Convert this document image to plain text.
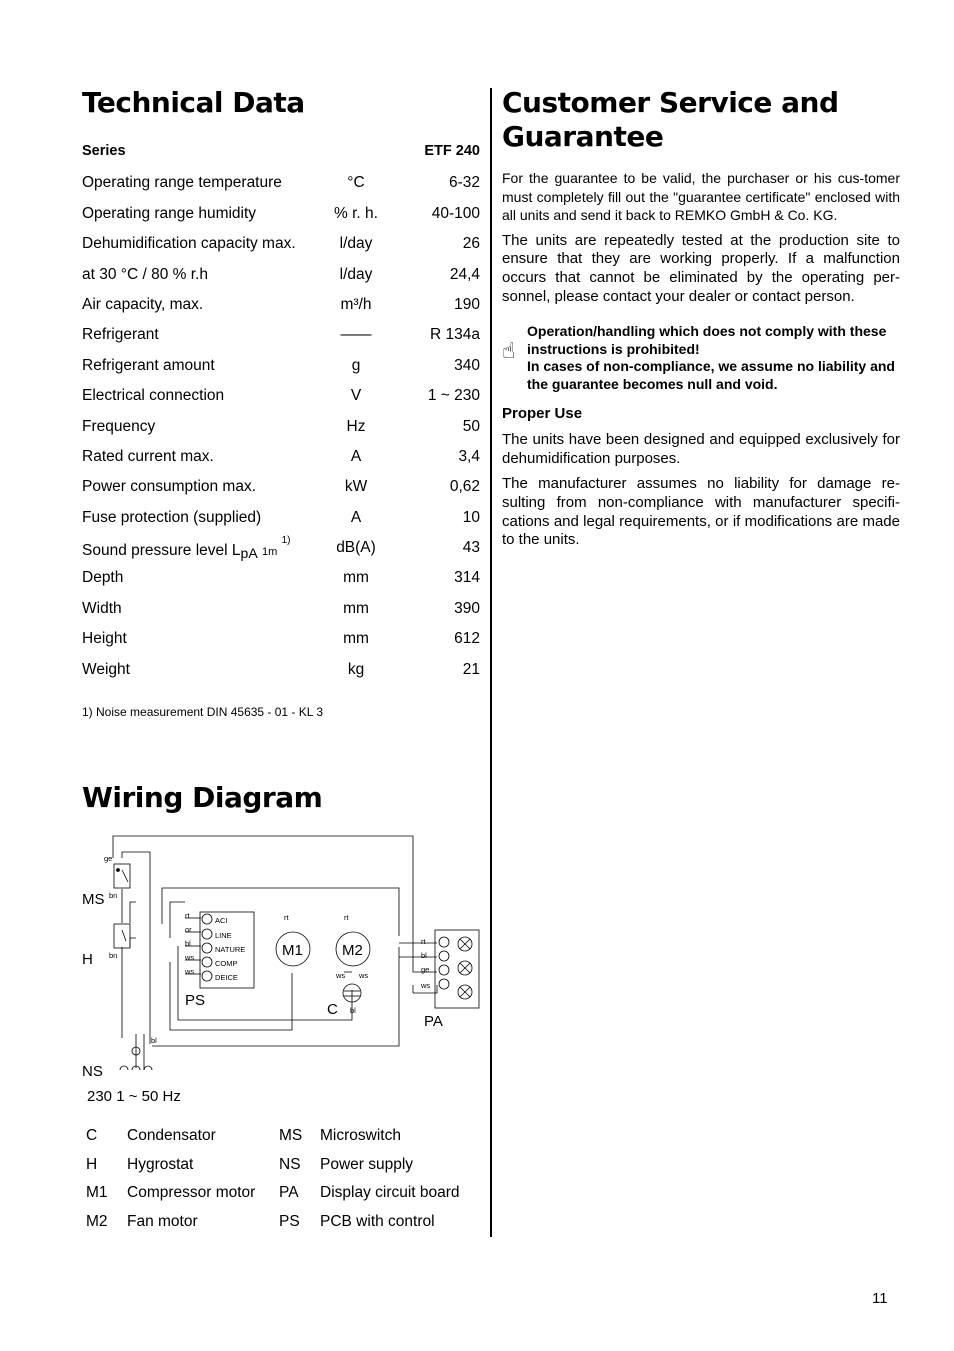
Technical Data
Series	ETF 240
Operating range temperature	°C	6-32
Operating range humidity	% r. h.	40-100
Dehumidification capacity max.	l/day	26
at 30 °C / 80 % r.h	l/day	24,4
Air capacity, max.	m³/h	190
Refrigerant	——	R 134a
Refrigerant amount	g	340
Electrical connection	V	1 ~ 230
Frequency	Hz	50
Rated current max.	A	3,4
Power consumption max.	kW	0,62
Fuse protection (supplied)	A	10
Sound pressure level LpA 1m $^{1)}$	dB(A)	43
Depth	mm	314
Width	mm	390
Height	mm	612
Weight	kg	21
1) Noise measurement DIN 45635 - 01 - KL 3
Wiring Diagram
ge
bn
bn
bl
rt
or
bl
ws
ws
ACI
LINE
NATURE
COMP
DEICE
rt	rt
ws ws
bl
rt
bl
ge
ws
MS
H
NS
PS
C
PA
M1	M2
230 1 ~ 50 Hz
C Condensator	MS Microswitch
H Hygrostat	NS Power supply
M1 Compressor motor PA Display circuit board
M2 Fan motor	PS PCB with control
Customer Service and
Guarantee

For the guarantee to be valid, the purchaser or his cus-tomer must completely fill out the "guarantee certificate" enclosed with all units and send it back to REMKO GmbH & Co. KG.

The units are repeatedly tested at the production site to ensure that they are working properly. If a malfunction occurs that cannot be eliminated by the operating per-sonnel, please contact your dealer or contact person.

☝
Operation/handling which does not comply with these instructions is prohibited!
In cases of non-compliance, we assume no liability and the guarantee becomes null and void.
Proper Use

The units have been designed and equipped exclusively for dehumidification purposes.

The manufacturer assumes no liability for damage re-sulting from non-compliance with manufacturer specifi-cations and legal requirements, or if modifications are made to the units.

11
